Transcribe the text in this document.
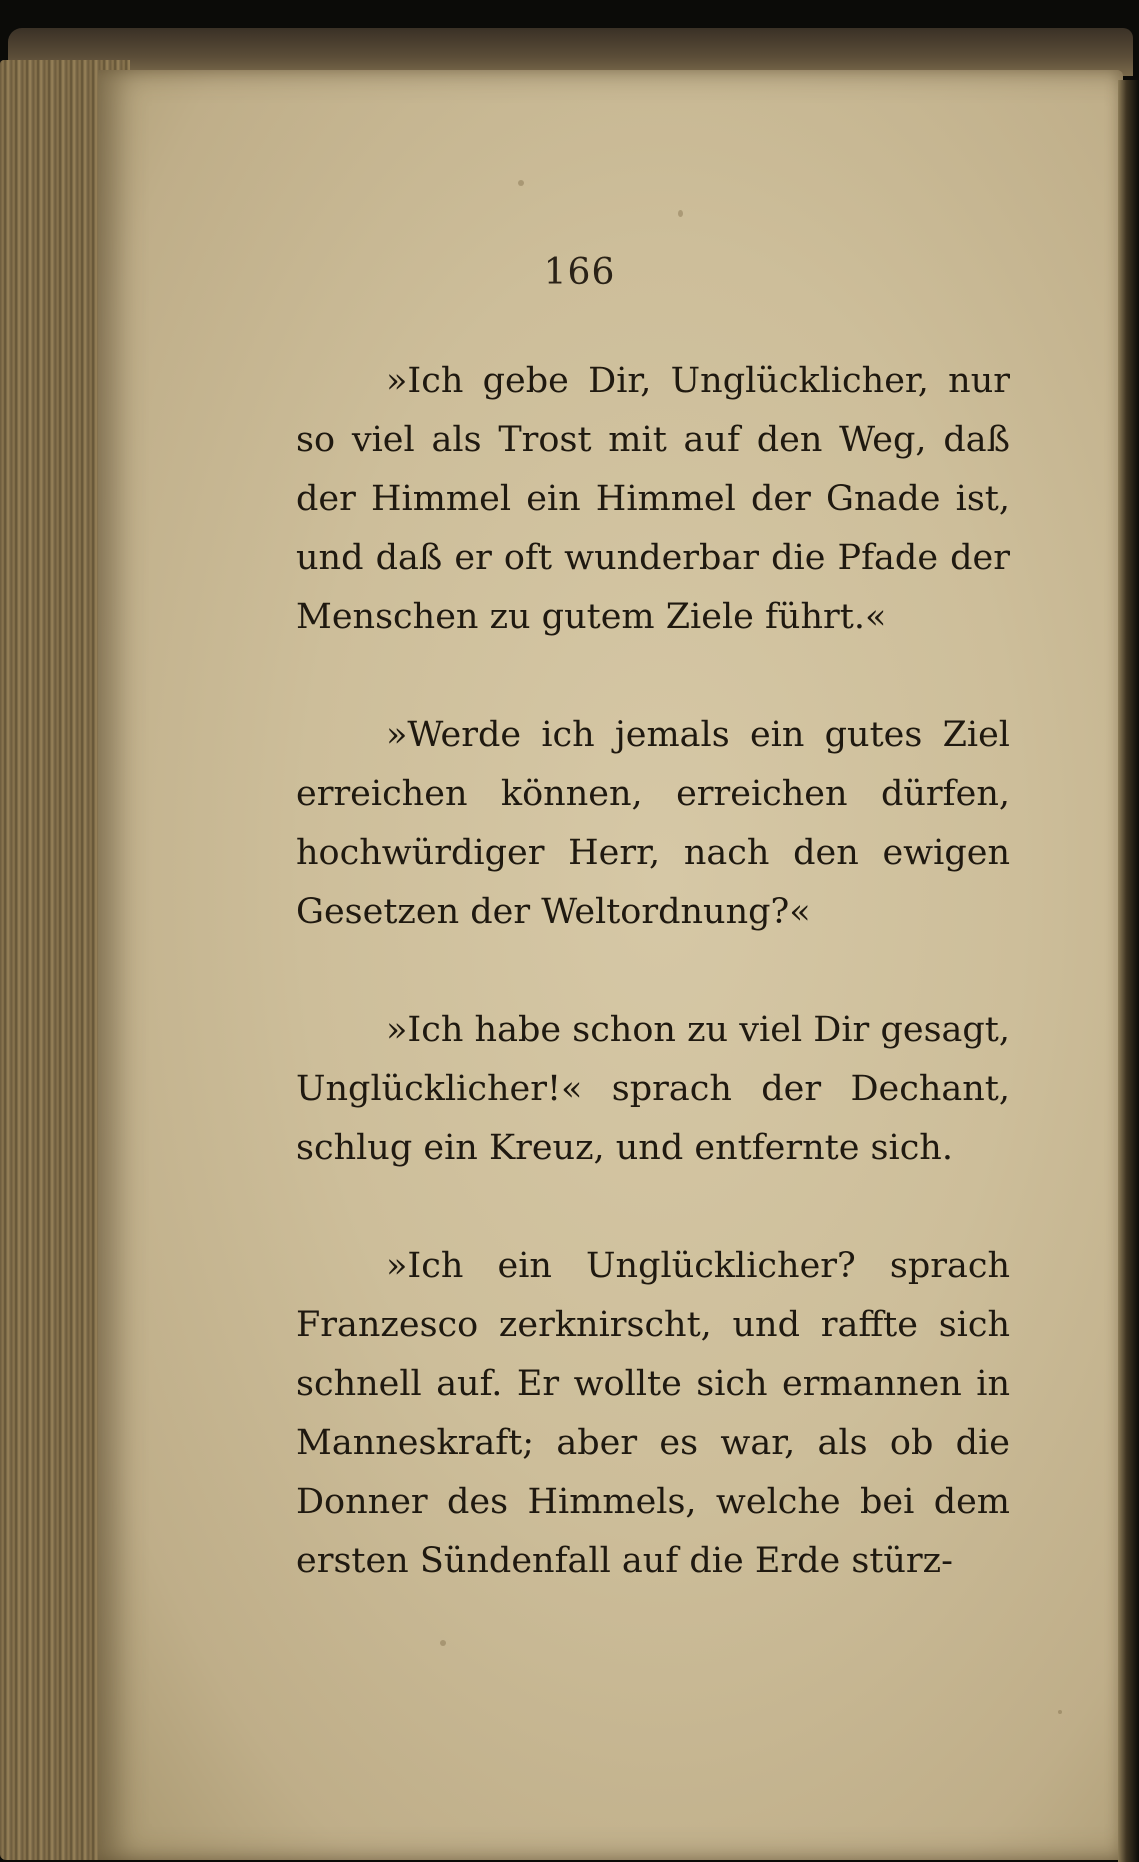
166

»Ich gebe Dir, Unglücklicher, nur so viel als Trost mit auf den Weg, daß der Himmel ein Himmel der Gnade ist, und daß er oft wunderbar die Pfade der Menschen zu gutem Ziele führt.«

»Werde ich jemals ein gutes Ziel erreichen können, erreichen dürfen, hochwürdiger Herr, nach den ewigen Gesetzen der Weltordnung?«

»Ich habe schon zu viel Dir gesagt, Unglücklicher!« sprach der Dechant, schlug ein Kreuz, und entfernte sich.

»Ich ein Unglücklicher? sprach Franzesco zerknirscht, und raffte sich schnell auf. Er wollte sich ermannen in Manneskraft; aber es war, als ob die Donner des Himmels, welche bei dem ersten Sündenfall auf die Erde stürz-
